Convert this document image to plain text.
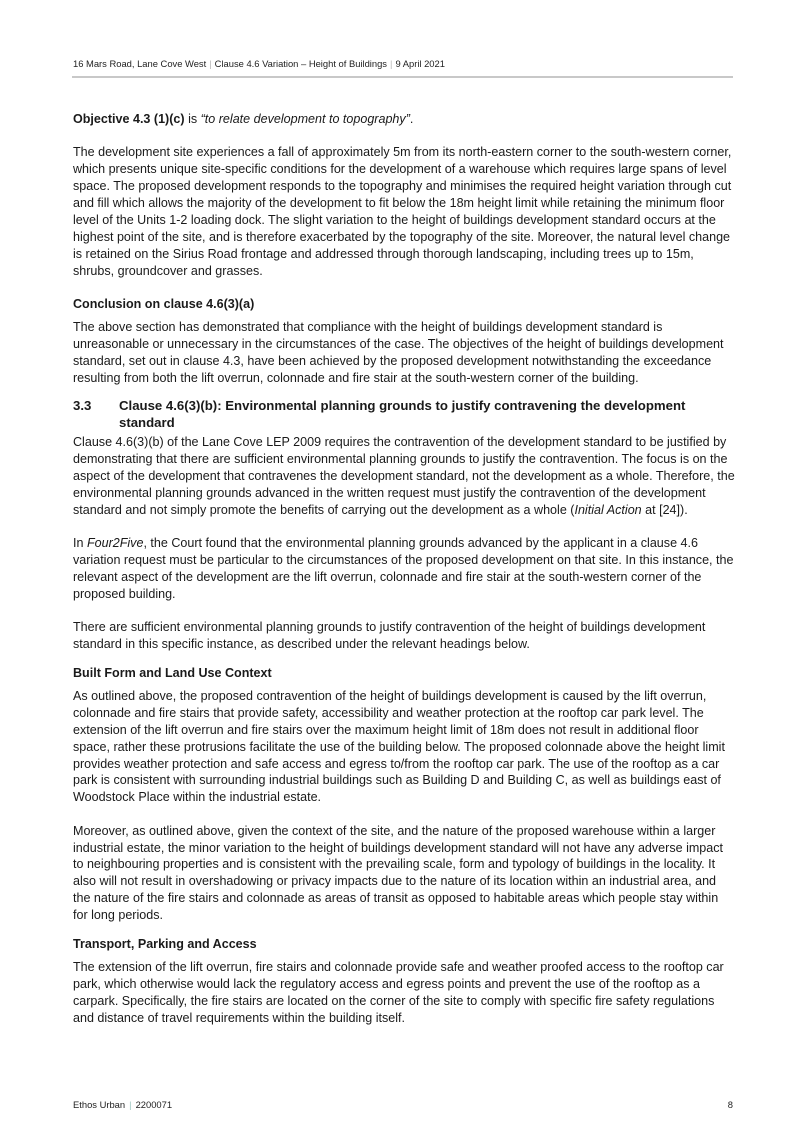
16 Mars Road, Lane Cove West | Clause 4.6 Variation – Height of Buildings | 9 April 2021

Objective 4.3 (1)(c) is “to relate development to topography”.

The development site experiences a fall of approximately 5m from its north-eastern corner to the south-western corner, which presents unique site-specific conditions for the development of a warehouse which requires large spans of level space. The proposed development responds to the topography and minimises the required height variation through cut and fill which allows the majority of the development to fit below the 18m height limit while retaining the minimum floor level of the Units 1-2 loading dock. The slight variation to the height of buildings development standard occurs at the highest point of the site, and is therefore exacerbated by the topography of the site. Moreover, the natural level change is retained on the Sirius Road frontage and addressed through thorough landscaping, including trees up to 15m, shrubs, groundcover and grasses.

Conclusion on clause 4.6(3)(a)

The above section has demonstrated that compliance with the height of buildings development standard is unreasonable or unnecessary in the circumstances of the case. The objectives of the height of buildings development standard, set out in clause 4.3, have been achieved by the proposed development notwithstanding the exceedance resulting from both the lift overrun, colonnade and fire stair at the south-western corner of the building.

3.3	Clause 4.6(3)(b): Environmental planning grounds to justify contravening the development standard

Clause 4.6(3)(b) of the Lane Cove LEP 2009 requires the contravention of the development standard to be justified by demonstrating that there are sufficient environmental planning grounds to justify the contravention. The focus is on the aspect of the development that contravenes the development standard, not the development as a whole. Therefore, the environmental planning grounds advanced in the written request must justify the contravention of the development standard and not simply promote the benefits of carrying out the development as a whole (Initial Action at [24]).

In Four2Five, the Court found that the environmental planning grounds advanced by the applicant in a clause 4.6 variation request must be particular to the circumstances of the proposed development on that site. In this instance, the relevant aspect of the development are the lift overrun, colonnade and fire stair at the south-western corner of the proposed building.

There are sufficient environmental planning grounds to justify contravention of the height of buildings development standard in this specific instance, as described under the relevant headings below.

Built Form and Land Use Context

As outlined above, the proposed contravention of the height of buildings development is caused by the lift overrun, colonnade and fire stairs that provide safety, accessibility and weather protection at the rooftop car park level. The extension of the lift overrun and fire stairs over the maximum height limit of 18m does not result in additional floor space, rather these protrusions facilitate the use of the building below. The proposed colonnade above the height limit provides weather protection and safe access and egress to/from the rooftop car park. The use of the rooftop as a car park is consistent with surrounding industrial buildings such as Building D and Building C, as well as buildings east of Woodstock Place within the industrial estate.

Moreover, as outlined above, given the context of the site, and the nature of the proposed warehouse within a larger industrial estate, the minor variation to the height of buildings development standard will not have any adverse impact to neighbouring properties and is consistent with the prevailing scale, form and typology of buildings in the locality. It also will not result in overshadowing or privacy impacts due to the nature of its location within an industrial area, and the nature of the fire stairs and colonnade as areas of transit as opposed to habitable areas which people stay within for long periods.

Transport, Parking and Access

The extension of the lift overrun, fire stairs and colonnade provide safe and weather proofed access to the rooftop car park, which otherwise would lack the regulatory access and egress points and prevent the use of the rooftop as a carpark. Specifically, the fire stairs are located on the corner of the site to comply with specific fire safety regulations and distance of travel requirements within the building itself.

Ethos Urban | 2200071	8
